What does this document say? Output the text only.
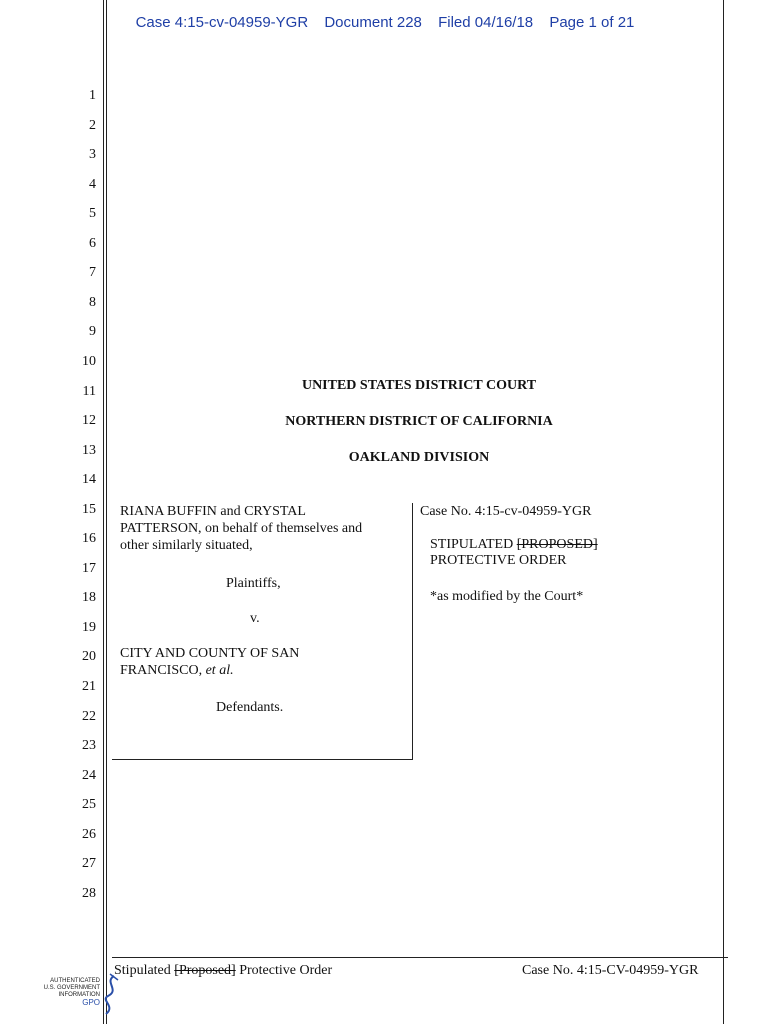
Case 4:15-cv-04959-YGR Document 228 Filed 04/16/18 Page 1 of 21
1
2
3
4
5
6
7
8
9
10
11
12
13
14
15
16
17
18
19
20
21
22
23
24
25
26
27
28
UNITED STATES DISTRICT COURT
NORTHERN DISTRICT OF CALIFORNIA
OAKLAND DIVISION
RIANA BUFFIN and CRYSTAL
PATTERSON, on behalf of themselves and
other similarly situated,
Plaintiffs,
v.
CITY AND COUNTY OF SAN
FRANCISCO, et al.
Defendants.
Case No. 4:15-cv-04959-YGR
STIPULATED [PROPOSED]
PROTECTIVE ORDER
*as modified by the Court*
Stipulated [Proposed] Protective Order	Case No. 4:15-CV-04959-YGR
AUTHENTICATED
U.S. GOVERNMENT
INFORMATION
GPO
